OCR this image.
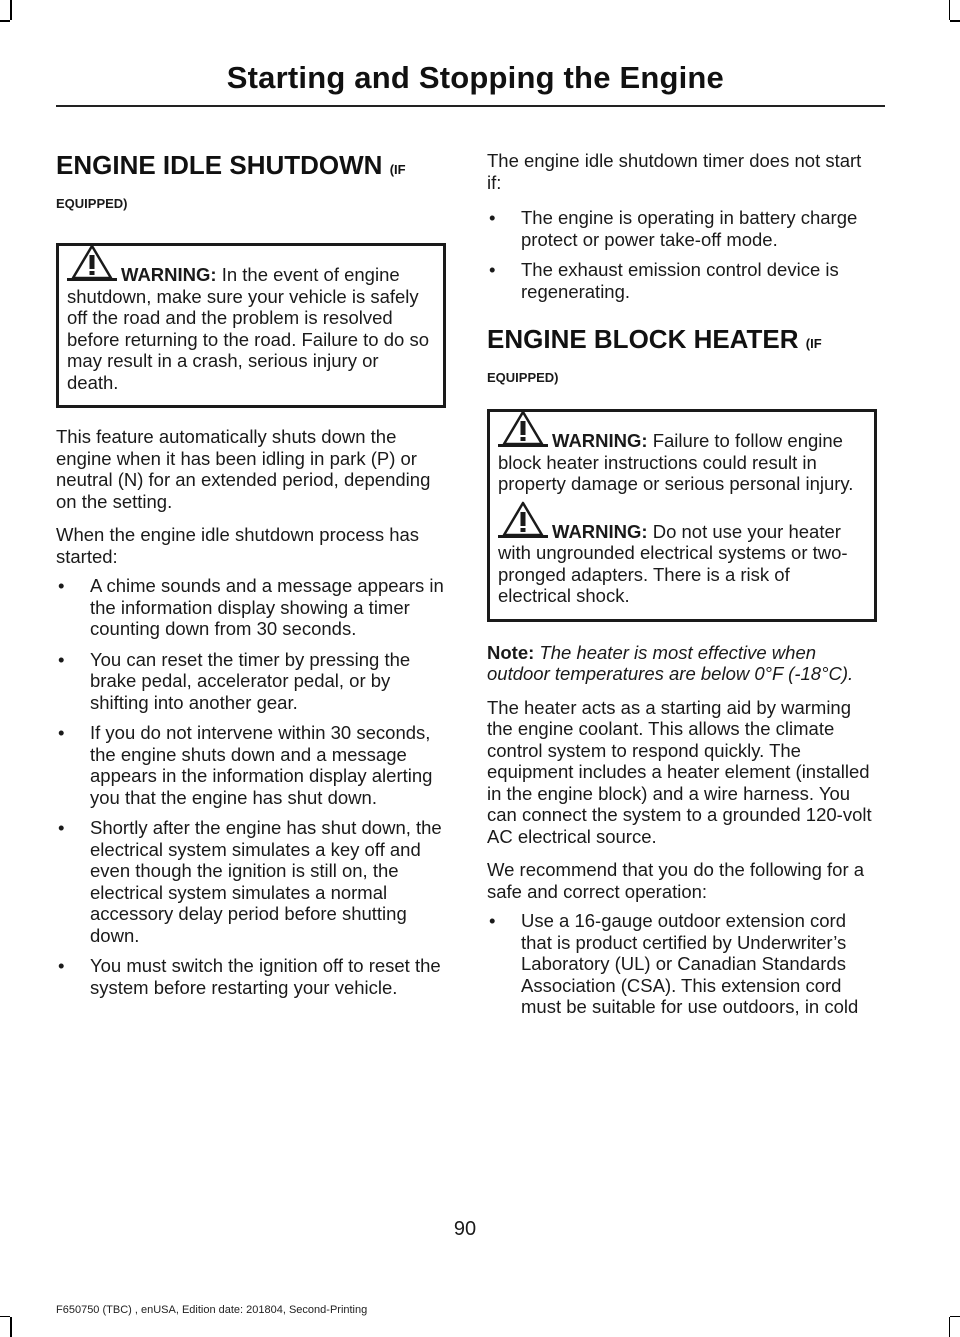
Starting and Stopping the Engine
ENGINE IDLE SHUTDOWN (IF
EQUIPPED)

WARNING: In the event of engine shutdown, make sure your vehicle is safely off the road and the problem is resolved before returning to the road. Failure to do so may result in a crash, serious injury or death.

This feature automatically shuts down the engine when it has been idling in park (P) or neutral (N) for an extended period, depending on the setting.

When the engine idle shutdown process has started:

• A chime sounds and a message appears in the information display showing a timer counting down from 30 seconds.
• You can reset the timer by pressing the brake pedal, accelerator pedal, or by shifting into another gear.
• If you do not intervene within 30 seconds, the engine shuts down and a message appears in the information display alerting you that the engine has shut down.
• Shortly after the engine has shut down, the electrical system simulates a key off and even though the ignition is still on, the electrical system simulates a normal accessory delay period before shutting down.
• You must switch the ignition off to reset the system before restarting your vehicle.

The engine idle shutdown timer does not start if:

• The engine is operating in battery charge protect or power take-off mode.
• The exhaust emission control device is regenerating.
ENGINE BLOCK HEATER (IF
EQUIPPED)

WARNING: Failure to follow engine block heater instructions could result in property damage or serious personal injury.

WARNING: Do not use your heater with ungrounded electrical systems or two-pronged adapters. There is a risk of electrical shock.

Note: The heater is most effective when outdoor temperatures are below 0°F (-18°C).

The heater acts as a starting aid by warming the engine coolant. This allows the climate control system to respond quickly. The equipment includes a heater element (installed in the engine block) and a wire harness. You can connect the system to a grounded 120-volt AC electrical source.

We recommend that you do the following for a safe and correct operation:

• Use a 16-gauge outdoor extension cord that is product certified by Underwriter’s Laboratory (UL) or Canadian Standards Association (CSA). This extension cord must be suitable for use outdoors, in cold
90
F650750 (TBC) , enUSA, Edition date: 201804, Second-Printing
